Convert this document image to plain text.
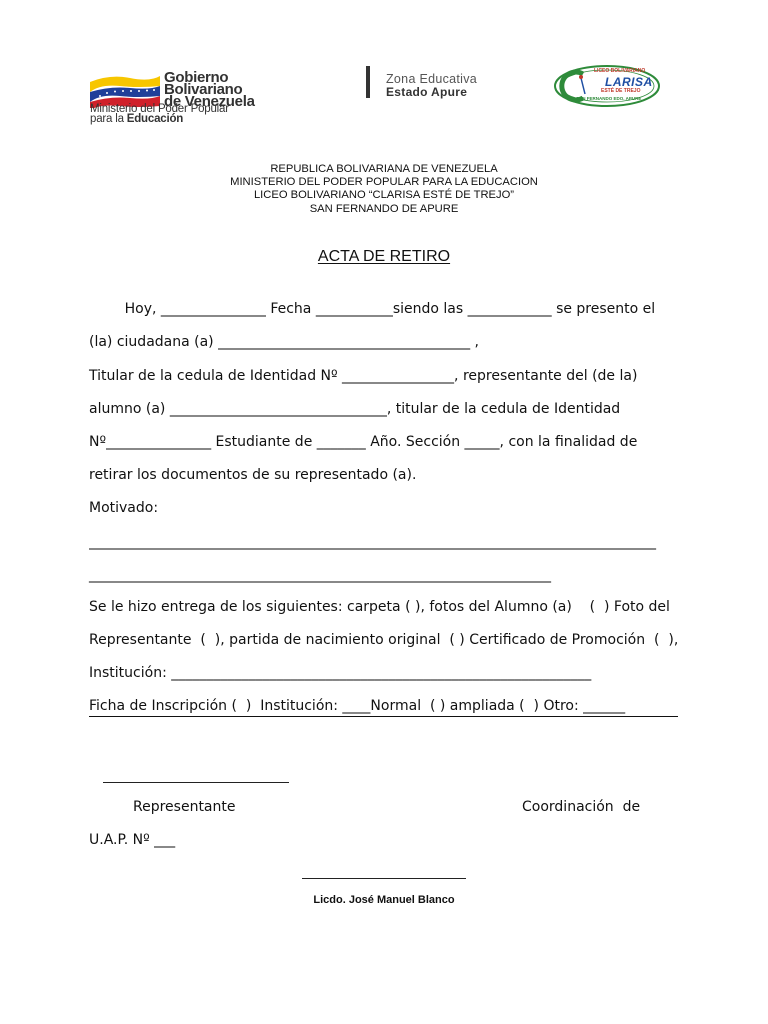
Gobierno
Bolivariano
de Venezuela
Ministerio del Poder Popular
para la Educación
Zona Educativa
Estado Apure
LICEO BOLIVARIANO
LARISA
ESTÉ DE TREJO
SAN FERNANDO EDO. APURE
REPUBLICA BOLIVARIANA DE VENEZUELA
MINISTERIO DEL PODER POPULAR PARA LA EDUCACION
LICEO BOLIVARIANO “CLARISA ESTÉ DE TREJO”
SAN FERNANDO DE APURE
ACTA DE RETIRO
Hoy, _______________ Fecha ___________siendo las ____________ se presento el
(la) ciudadana (a) ____________________________________ ,
Titular de la cedula de Identidad Nº ________________, representante del (de la)
alumno (a) _______________________________, titular de la cedula de Identidad
Nº_______________ Estudiante de _______ Año. Sección _____, con la finalidad de
retirar los documentos de su representado (a).
Motivado:
_________________________________________________________________________________
__________________________________________________________________
Se le hizo entrega de los siguientes: carpeta ( ), fotos del Alumno (a)    (  ) Foto del
Representante  (  ), partida de nacimiento original  ( ) Certificado de Promoción  (  ),
Institución: ____________________________________________________________
Ficha de Inscripción (  )  Institución: ____Normal  ( ) ampliada (  ) Otro: ______
Representante	Coordinación  de
U.A.P. Nº ___
Licdo. José Manuel Blanco
